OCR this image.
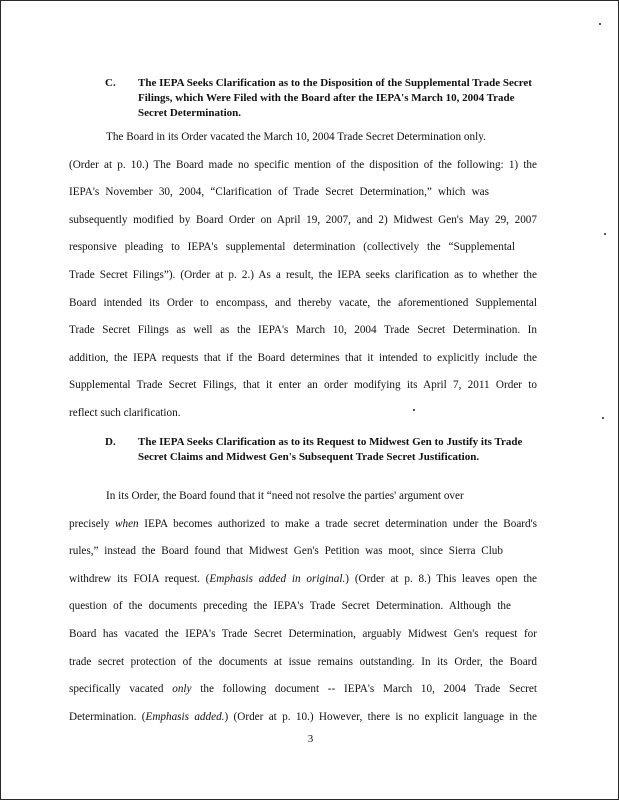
C. The IEPA Seeks Clarification as to the Disposition of the Supplemental Trade Secret Filings, which Were Filed with the Board after the IEPA's March 10, 2004 Trade Secret Determination.
The Board in its Order vacated the March 10, 2004 Trade Secret Determination only.
(Order at p. 10.) The Board made no specific mention of the disposition of the following: 1) the
IEPA's November 30, 2004, “Clarification of Trade Secret Determination,” which was
subsequently modified by Board Order on April 19, 2007, and 2) Midwest Gen's May 29, 2007
responsive pleading to IEPA's supplemental determination (collectively the “Supplemental
Trade Secret Filings”). (Order at p. 2.) As a result, the IEPA seeks clarification as to whether the
Board intended its Order to encompass, and thereby vacate, the aforementioned Supplemental
Trade Secret Filings as well as the IEPA's March 10, 2004 Trade Secret Determination. In
addition, the IEPA requests that if the Board determines that it intended to explicitly include the
Supplemental Trade Secret Filings, that it enter an order modifying its April 7, 2011 Order to
reflect such clarification.
D. The IEPA Seeks Clarification as to its Request to Midwest Gen to Justify its Trade Secret Claims and Midwest Gen's Subsequent Trade Secret Justification.
In its Order, the Board found that it “need not resolve the parties' argument over
precisely when IEPA becomes authorized to make a trade secret determination under the Board's
rules,” instead the Board found that Midwest Gen's Petition was moot, since Sierra Club
withdrew its FOIA request. (Emphasis added in original.) (Order at p. 8.) This leaves open the
question of the documents preceding the IEPA's Trade Secret Determination. Although the
Board has vacated the IEPA's Trade Secret Determination, arguably Midwest Gen's request for
trade secret protection of the documents at issue remains outstanding. In its Order, the Board
specifically vacated only the following document -- IEPA's March 10, 2004 Trade Secret
Determination. (Emphasis added.) (Order at p. 10.) However, there is no explicit language in the
3
